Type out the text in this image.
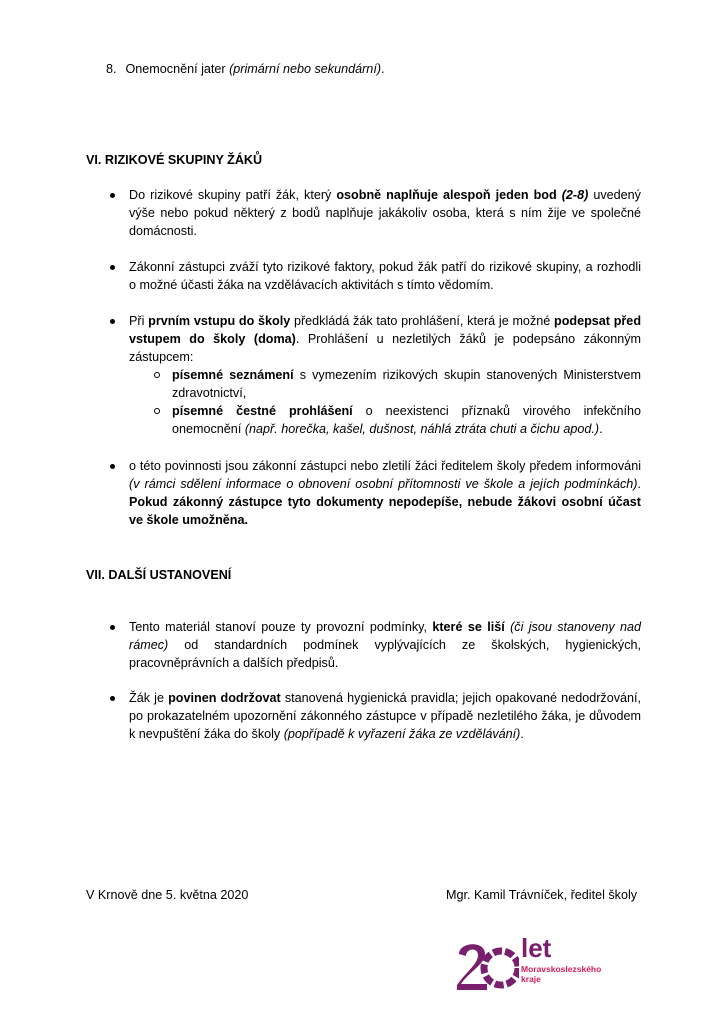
8. Onemocnění jater (primární nebo sekundární).
VI. RIZIKOVÉ SKUPINY ŽÁKŮ
Do rizikové skupiny patří žák, který osobně naplňuje alespoň jeden bod (2-8) uvedený výše nebo pokud některý z bodů naplňuje jakákoliv osoba, která s ním žije ve společné domácnosti.
Zákonní zástupci zváží tyto rizikové faktory, pokud žák patří do rizikové skupiny, a rozhodli o možné účasti žáka na vzdělávacích aktivitách s tímto vědomím.
Při prvním vstupu do školy předkládá žák tato prohlášení, která je možné podepsat před vstupem do školy (doma). Prohlášení u nezletilých žáků je podepsáno zákonným zástupcem:
písemné seznámení s vymezením rizikových skupin stanovených Ministerstvem zdravotnictví,
písemné čestné prohlášení o neexistenci příznaků virového infekčního onemocnění (např. horečka, kašel, dušnost, náhlá ztráta chuti a čichu apod.).
o této povinnosti jsou zákonní zástupci nebo zletilí žáci ředitelem školy předem informováni (v rámci sdělení informace o obnovení osobní přítomnosti ve škole a jejích podmínkách). Pokud zákonný zástupce tyto dokumenty nepodepíše, nebude žákovi osobní účast ve škole umožněna.
VII. DALŠÍ USTANOVENÍ
Tento materiál stanoví pouze ty provozní podmínky, které se liší (či jsou stanoveny nad rámec) od standardních podmínek vyplývajících ze školských, hygienických, pracovněprávních a dalších předpisů.
Žák je povinen dodržovat stanovená hygienická pravidla; jejich opakované nedodržování, po prokazatelném upozornění zákonného zástupce v případě nezletilého žáka, je důvodem k nevpuštění žáka do školy (popřípadě k vyřazení žáka ze vzdělávání).
V Krnově dne 5. května 2020	Mgr. Kamil Trávníček, ředitel školy
let
Moravskoslezského
kraje
